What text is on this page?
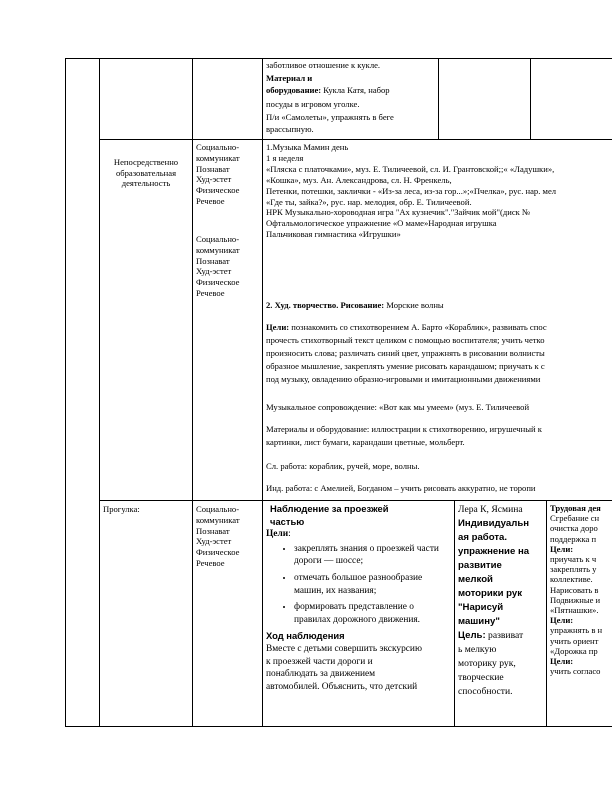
заботливое отношение к кукле.
Материал и
оборудование: Кукла Катя, набор
посуды в игровом уголке.
П/и «Самолеты», упражнять в беге
врассыпную.
Непосредственно
образовательная
деятельность
Социально-
коммуникат
Познават
Худ-эстет
Физическое
Речевое
Социально-
коммуникат
Познават
Худ-эстет
Физическое
Речевое
1.Музыка Мамин день
1 я неделя
«Пляска с платочками», муз. Е. Тиличеевой, сл. И. Грантовской;;« «Ладушки»,
«Кошка», муз. Ан. Александрова, сл. Н. Френкель,
Петенки, потешки, заклички - «Из-за леса, из-за гор...»;«Пчелка», рус. нар. мел
«Где ты, зайка?», рус. нар. мелодия, обр. Е. Тиличеевой.
НРК Музыкально-хороводная игра "Ах кузнечик"."Зайчик мой"(диск №
Офтальмологическое упражнение «О маме»Народная игрушка
Пальчиковая гимнастика «Игрушки»
2. Худ. творчество. Рисование: Морские волны
Цели: познакомить со стихотворением А. Барто «Кораблик», развивать спос
прочесть стихотворный текст целиком с помощью воспитателя; учить четко
произносить слова; различать синий цвет, упражнять в рисовании волнисты
образное мышление, закреплять умение рисовать карандашом; приучать к с
под музыку, овладению образно-игровыми и имитационными движениями
Музыкальное сопровождение: «Вот как мы умеем» (муз. Е. Тиличеевой
Материалы и оборудование: иллюстрации к стихотворению, игрушечный к
картинки, лист бумаги, карандаши цветные, мольберт.
Сл. работа: кораблик, ручей, море, волны.
Инд. работа: с Амелией, Богданом – учить рисовать аккуратно, не торопи
Прогулка:	Социально-
коммуникат
Познават
Худ-эстет
Физическое
Речевое
Наблюдение за проезжей
частью
Цели:
• закреплять знания о проезжей части дороги — шоссе;
• отмечать большое разнообразие машин, их названия;
• формировать представление о правилах дорожного движения.
Ход наблюдения
Вместе с детьми совершить экскурсию
к проезжей части дороги и
понаблюдать за движением
автомобилей. Объяснить, что детский
Лера К, Ясмина
Индивидуальн
ая работа.
упражнение на
развитие
мелкой
моторики рук
"Нарисуй
машину"
Цель: развиват
ь мелкую
моторику рук,
творческие
способности.
Трудовая дея
Сгребание сн
очистка доро
поддержка п
Цели:
приучать к ч
закреплять у
коллективе.
Нарисовать в
Подвижные и
«Пятнашки».
Цели:
упражнять в н
учить ориент
«Дорожка пр
Цели:
учить согласо
